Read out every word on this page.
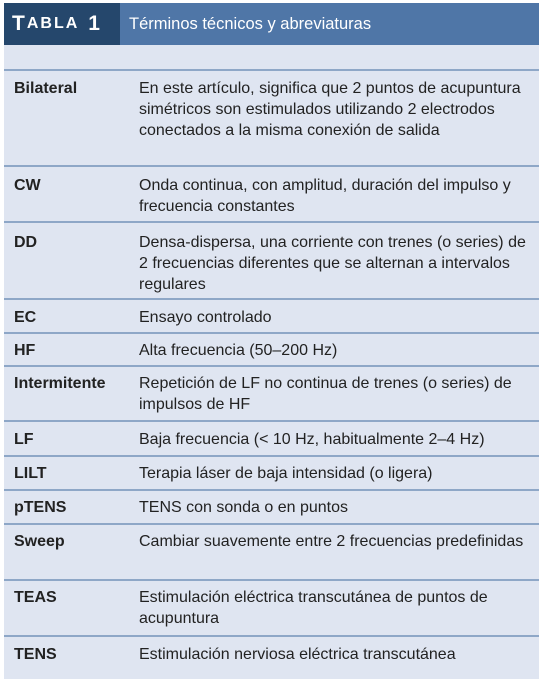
T ABLA 1	Términos técnicos y abreviaturas
Bilateral	En este artículo, significa que 2 puntos de acupuntura simétricos son estimulados utilizando 2 electrodos conectados a la misma conexión de salida
CW	Onda continua, con amplitud, duración del impulso y frecuencia constantes
DD	Densa-dispersa, una corriente con trenes (o series) de 2 frecuencias diferentes que se alternan a intervalos regulares
EC	Ensayo controlado
HF	Alta frecuencia (50–200 Hz)
Intermitente	Repetición de LF no continua de trenes (o series) de impulsos de HF
LF	Baja frecuencia (< 10 Hz, habitualmente 2–4 Hz)
LILT	Terapia láser de baja intensidad (o ligera)
pTENS	TENS con sonda o en puntos
Sweep	Cambiar suavemente entre 2 frecuencias predefinidas
TEAS	Estimulación eléctrica transcutánea de puntos de acupuntura
TENS	Estimulación nerviosa eléctrica transcutánea
